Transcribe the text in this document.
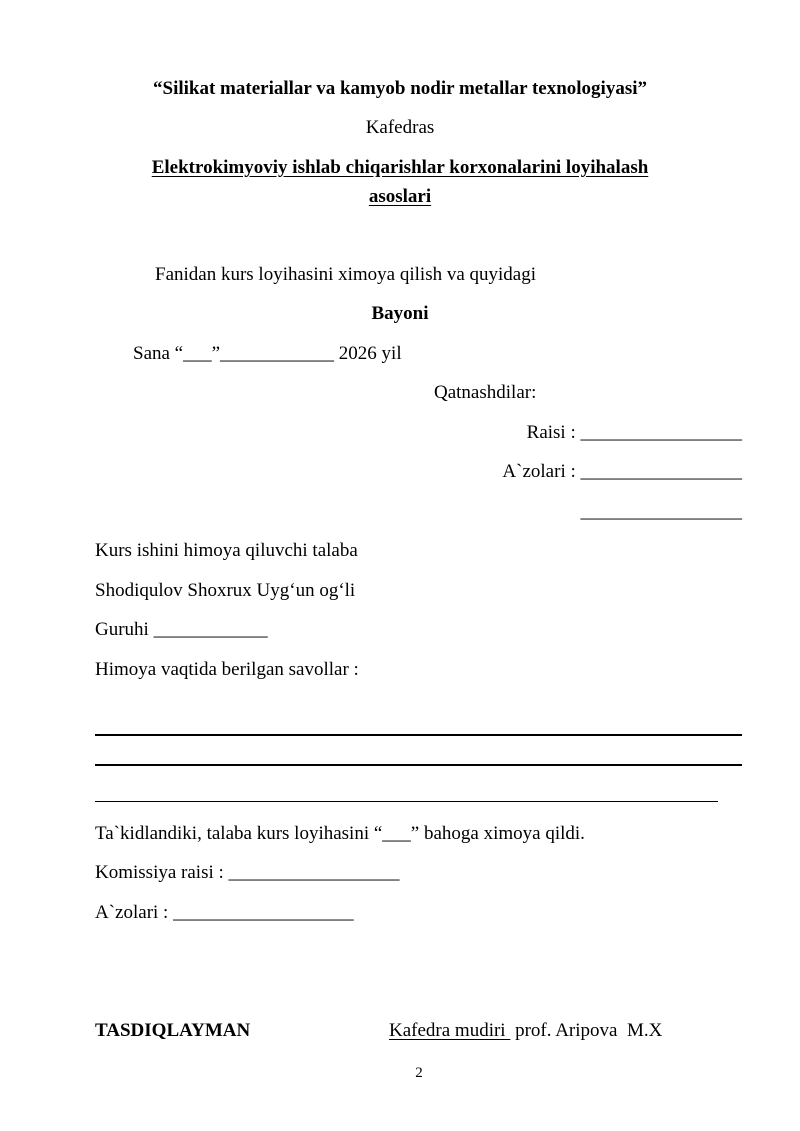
“Silikat materiallar va kamyob nodir metallar texnologiyasi”
Kafedras
Elektrokimyoviy ishlab chiqarishlar korxonalarini loyihalash
asoslari
Fanidan kurs loyihasini ximoya qilish va quyidagi
Bayoni
Sana “___”____________ 2026 yil
Qatnashdilar:
Raisi : _________________
A`zolari : _________________
_________________
Kurs ishini himoya qiluvchi talaba
Shodiqulov Shoxrux Uyg‘un og‘li
Guruhi ____________
Himoya vaqtida berilgan savollar :
Ta`kidlandiki, talaba kurs loyihasini “___” bahoga ximoya qildi.
Komissiya raisi : __________________
A`zolari : ___________________
TASDIQLAYMAN	Kafedra mudiri  prof. Aripova  M.X
2
